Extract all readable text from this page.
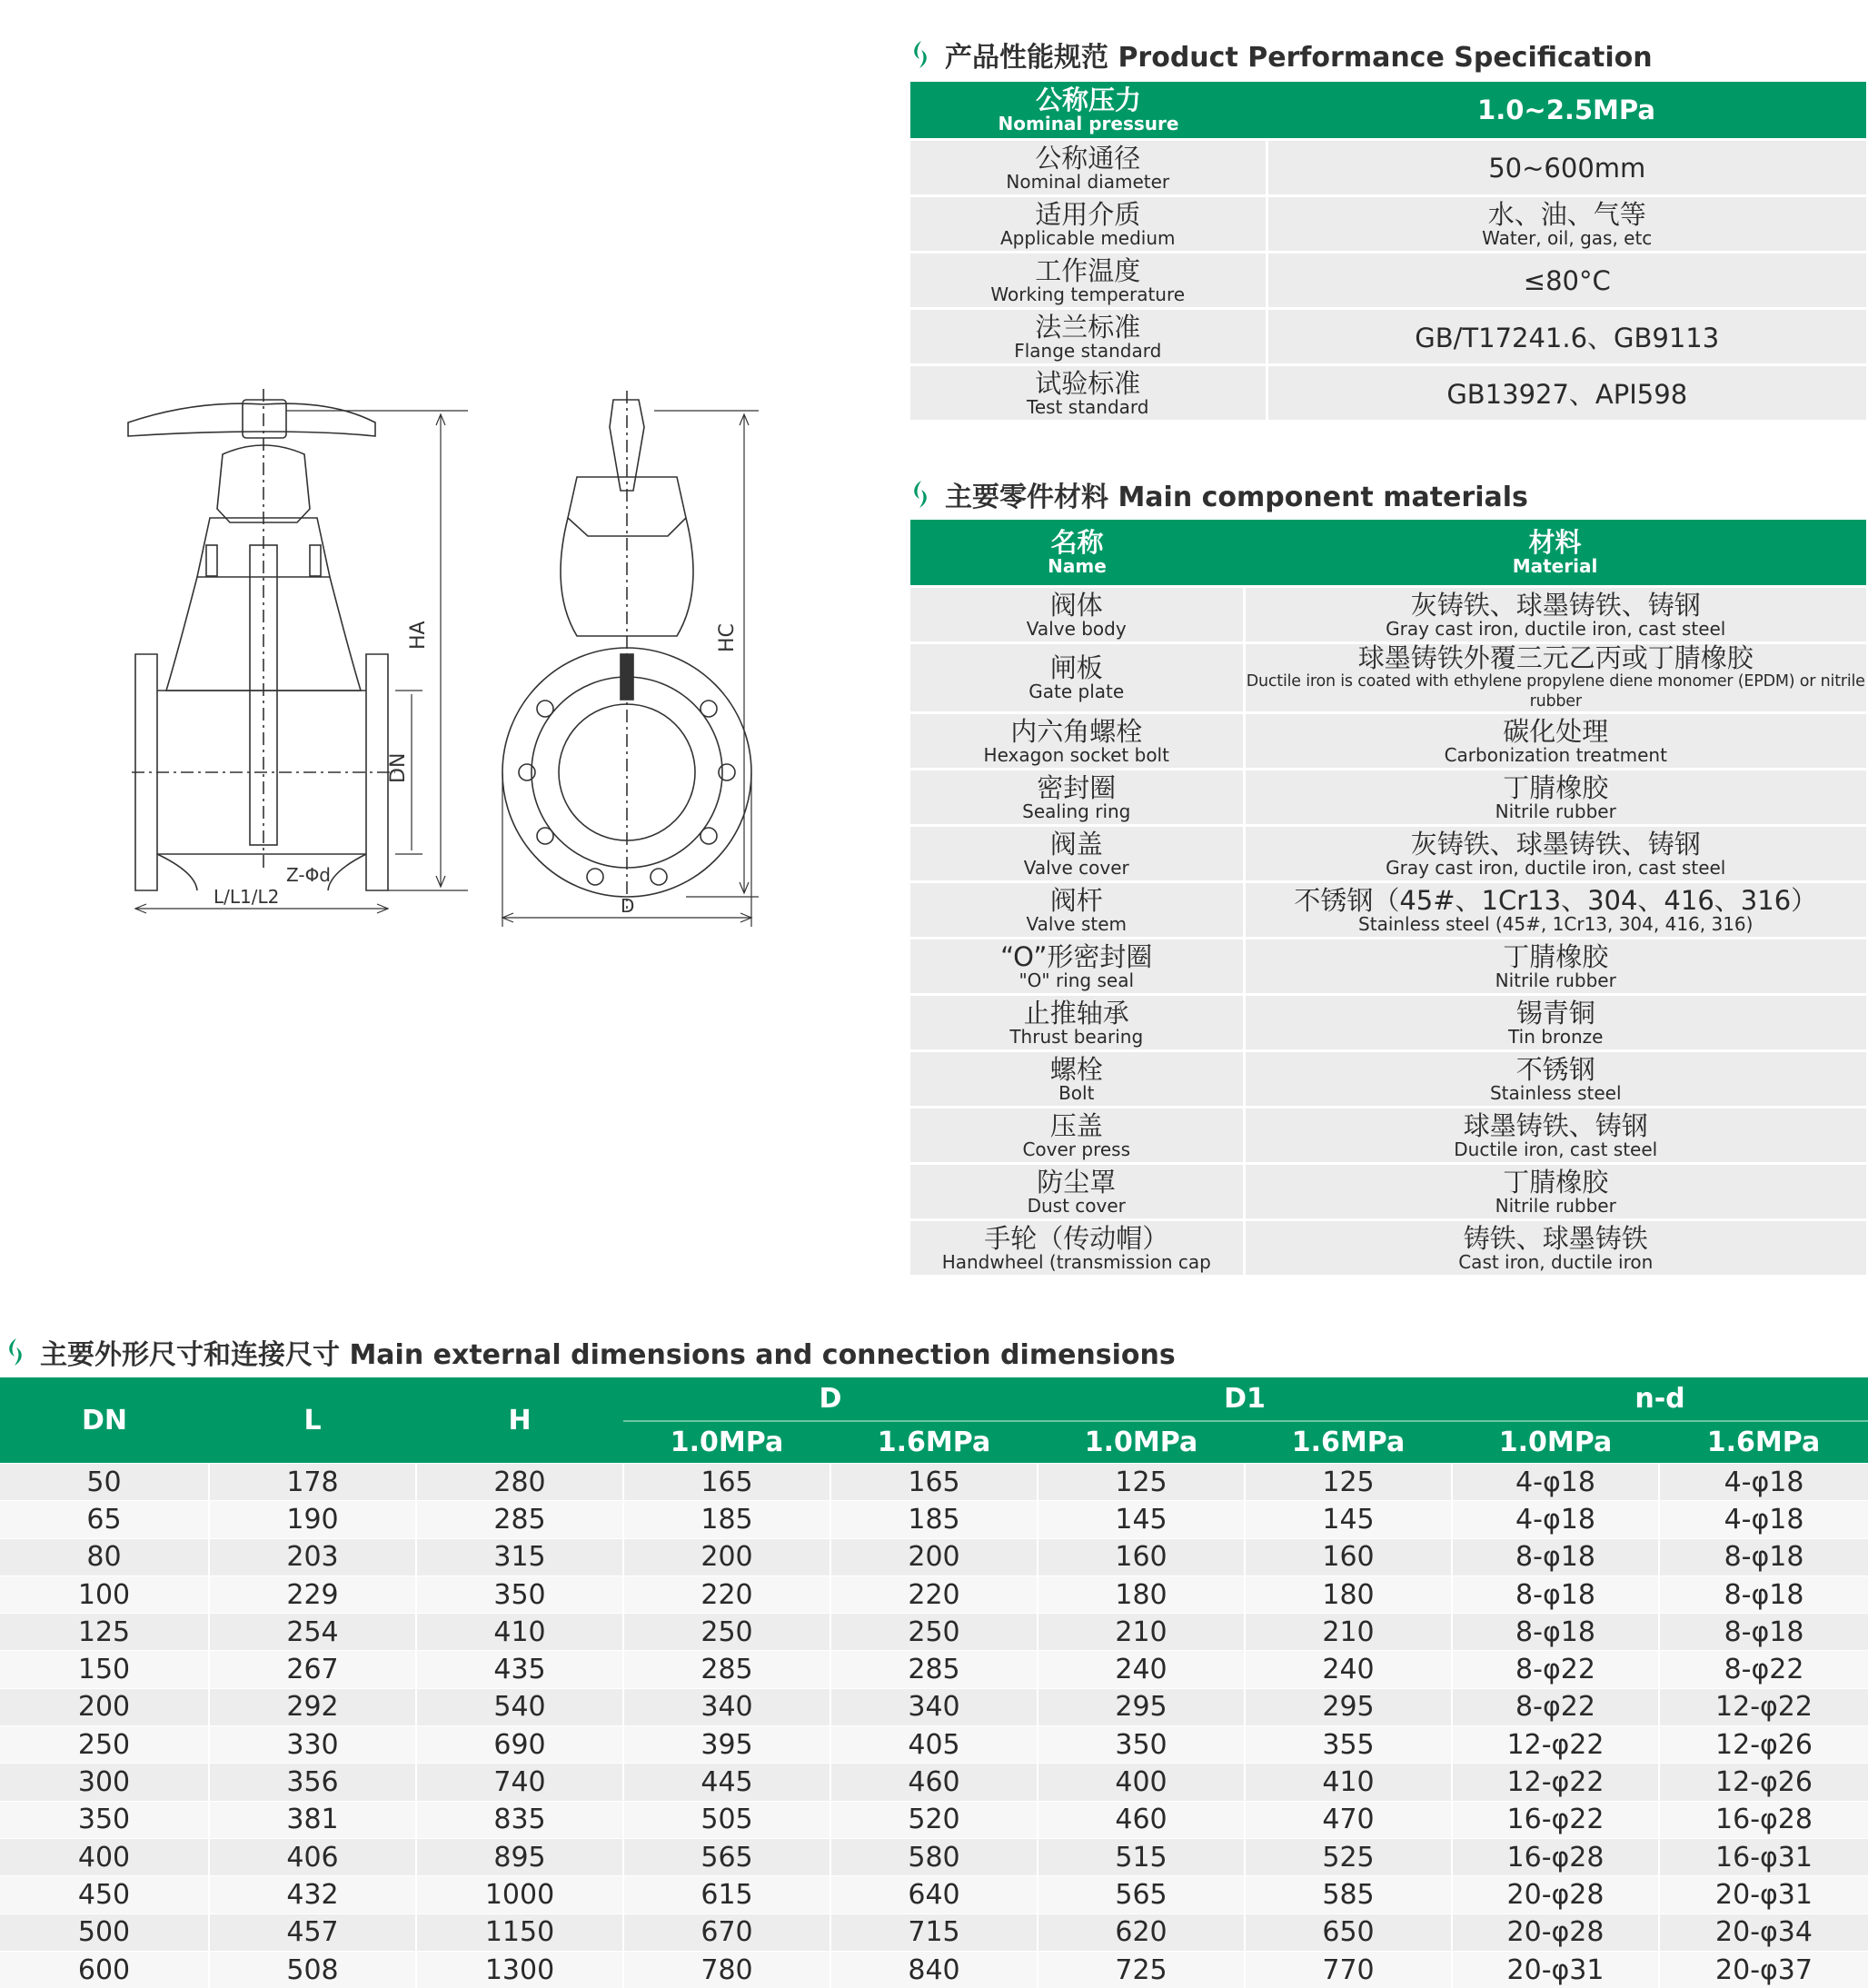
产品性能规范 Product Performance Specification
公称压力
Nominal pressure	1.0~2.5MPa

公称通径
Nominal diameter	50~600mm

适用介质
Applicable medium	水、油、气等
Water, oil, gas, etc

工作温度
Working temperature	≤80°C

法兰标准
Flange standard	GB/T17241.6、GB9113

试验标准
Test standard	GB13927、API598
主要零件材料 Main component materials
名称
Name	材料
Material

阀体
Valve body	灰铸铁、球墨铸铁、铸钢
Gray cast iron, ductile iron, cast steel

闸板
Gate plate	球墨铸铁外覆三元乙丙或丁腈橡胶
Ductile iron is coated with ethylene propylene diene monomer (EPDM) or nitrile rubber

内六角螺栓
Hexagon socket bolt	碳化处理
Carbonization treatment

密封圈
Sealing ring	丁腈橡胶
Nitrile rubber

阀盖
Valve cover	灰铸铁、球墨铸铁、铸钢
Gray cast iron, ductile iron, cast steel

阀杆
Valve stem	不锈钢（45#、1Cr13、304、416、316）
Stainless steel (45#, 1Cr13, 304, 416, 316)

“O”形密封圈
"O" ring seal	丁腈橡胶
Nitrile rubber

止推轴承
Thrust bearing	锡青铜
Tin bronze

螺栓
Bolt	不锈钢
Stainless steel

压盖
Cover press	球墨铸铁、铸钢
Ductile iron, cast steel

防尘罩
Dust cover	丁腈橡胶
Nitrile rubber

手轮（传动帽）
Handwheel (transmission cap	铸铁、球墨铸铁
Cast iron, ductile iron
HA
DN
Z-Φd
L/L1/L2
HC
D
主要外形尺寸和连接尺寸 Main external dimensions and connection dimensions
DN	L	H	D		D1		n-d	
			1.0MPa	1.6MPa	1.0MPa	1.6MPa	1.0MPa	1.6MPa
50	178	280	165	165	125	125	4-φ18	4-φ18
65	190	285	185	185	145	145	4-φ18	4-φ18
80	203	315	200	200	160	160	8-φ18	8-φ18
100	229	350	220	220	180	180	8-φ18	8-φ18
125	254	410	250	250	210	210	8-φ18	8-φ18
150	267	435	285	285	240	240	8-φ22	8-φ22
200	292	540	340	340	295	295	8-φ22	12-φ22
250	330	690	395	405	350	355	12-φ22	12-φ26
300	356	740	445	460	400	410	12-φ22	12-φ26
350	381	835	505	520	460	470	16-φ22	16-φ28
400	406	895	565	580	515	525	16-φ28	16-φ31
450	432	1000	615	640	565	585	20-φ28	20-φ31
500	457	1150	670	715	620	650	20-φ28	20-φ34
600	508	1300	780	840	725	770	20-φ31	20-φ37
